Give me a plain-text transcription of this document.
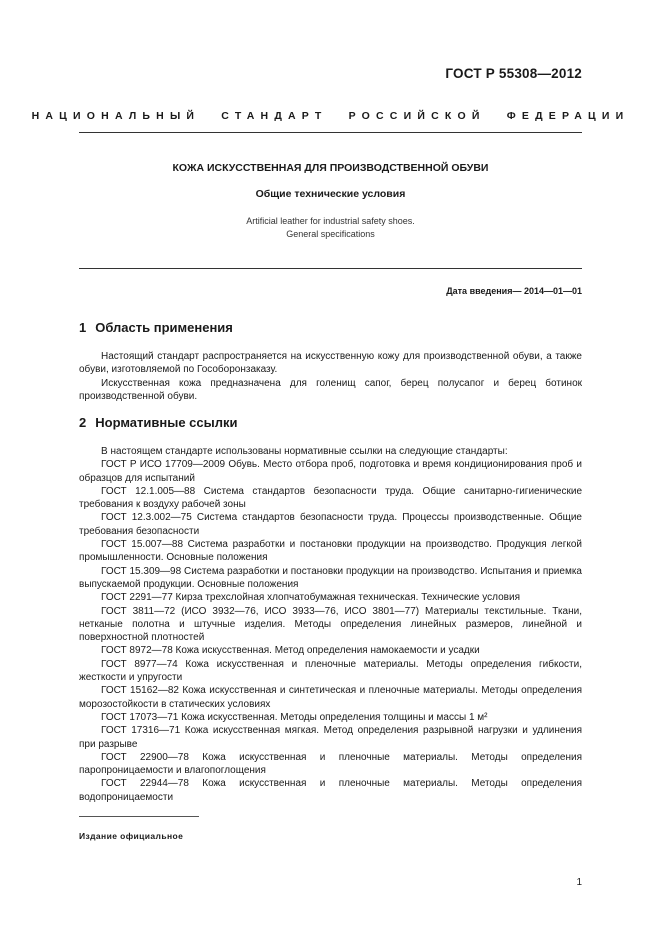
ГОСТ Р 55308—2012
НАЦИОНАЛЬНЫЙ СТАНДАРТ РОССИЙСКОЙ ФЕДЕРАЦИИ
КОЖА ИСКУССТВЕННАЯ ДЛЯ ПРОИЗВОДСТВЕННОЙ ОБУВИ
Общие технические условия
Artificial leather for industrial safety shoes.
General specifications
Дата введения— 2014—01—01
1 Область применения

Настоящий стандарт распространяется на искусственную кожу для производственной обуви, а также обуви, изготовляемой по Гособоронзаказу.

Искусственная кожа предназначена для голенищ сапог, берец полусапог и берец ботинок производственной обуви.

2 Нормативные ссылки

В настоящем стандарте использованы нормативные ссылки на следующие стандарты:

ГОСТ Р ИСО 17709—2009 Обувь. Место отбора проб, подготовка и время кондиционирования проб и образцов для испытаний

ГОСТ 12.1.005—88 Система стандартов безопасности труда. Общие санитарно-гигиенические требования к воздуху рабочей зоны

ГОСТ 12.3.002—75 Система стандартов безопасности труда. Процессы производственные. Общие требования безопасности

ГОСТ 15.007—88 Система разработки и постановки продукции на производство. Продукция легкой промышленности. Основные положения

ГОСТ 15.309—98 Система разработки и постановки продукции на производство. Испытания и приемка выпускаемой продукции. Основные положения

ГОСТ 2291—77 Кирза трехслойная хлопчатобумажная техническая. Технические условия

ГОСТ 3811—72 (ИСО 3932—76, ИСО 3933—76, ИСО 3801—77) Материалы текстильные. Ткани, нетканые полотна и штучные изделия. Методы определения линейных размеров, линейной и поверхностной плотностей

ГОСТ 8972—78 Кожа искусственная. Метод определения намокаемости и усадки

ГОСТ 8977—74 Кожа искусственная и пленочные материалы. Методы определения гибкости, жесткости и упругости

ГОСТ 15162—82 Кожа искусственная и синтетическая и пленочные материалы. Методы определения морозостойкости в статических условиях

ГОСТ 17073—71 Кожа искусственная. Методы определения толщины и массы 1 м²

ГОСТ 17316—71 Кожа искусственная мягкая. Метод определения разрывной нагрузки и удлинения при разрыве

ГОСТ 22900—78 Кожа искусственная и пленочные материалы. Методы определения паропроницаемости и влагопоглощения

ГОСТ 22944—78 Кожа искусственная и пленочные материалы. Методы определения водопроницаемости

Издание официальное
1
